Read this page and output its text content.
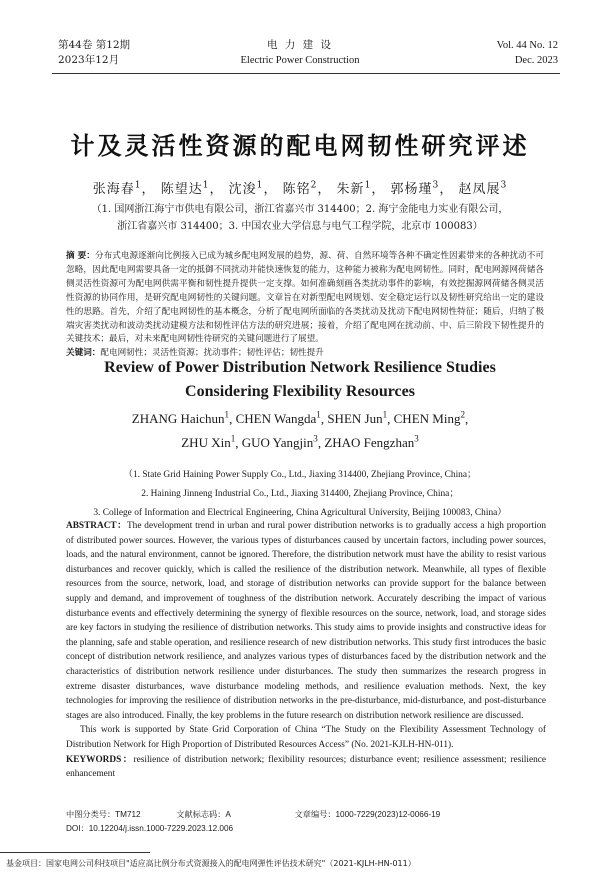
第44卷 第12期
2023年12月
电 力 建 设
Electric Power Construction
Vol. 44 No. 12
Dec. 2023
计及灵活性资源的配电网韧性研究评述
张海春$^1$， 陈望达$^1$， 沈浚$^1$， 陈铭$^2$， 朱新$^1$， 郭杨瑾$^3$， 赵凤展$^3$
（1. 国网浙江海宁市供电有限公司，浙江省嘉兴市 314400；2. 海宁金能电力实业有限公司，
浙江省嘉兴市 314400；3. 中国农业大学信息与电气工程学院，北京市 100083）

摘 要：分布式电源逐渐向比例接入已成为城乡配电网发展的趋势，源、荷、自然环境等各种不确定性因素带来的各种扰动不可忽略，因此配电网需要具备一定的抵御不同扰动并能快速恢复的能力，这种能力被称为配电网韧性。同时，配电网源网荷储各侧灵活性资源可为配电网供需平衡和韧性提升提供一定支撑。如何准确刻画各类扰动事件的影响，有效挖掘源网荷储各侧灵活性资源的协同作用，是研究配电网韧性的关键问题。文章旨在对新型配电网规划、安全稳定运行以及韧性研究给出一定的建设性的思路。首先，介绍了配电网韧性的基本概念，分析了配电网所面临的各类扰动及扰动下配电网韧性特征；随后，归纳了极端灾害类扰动和波动类扰动建模方法和韧性评估方法的研究进展；接着，介绍了配电网在扰动前、中、后三阶段下韧性提升的关键技术；最后，对未来配电网韧性待研究的关键问题进行了展望。

关键词：配电网韧性；灵活性资源；扰动事件；韧性评估；韧性提升

Review of Power Distribution Network Resilience Studies
Considering Flexibility Resources
ZHANG Haichun$^1$, CHEN Wangda$^1$, SHEN Jun$^1$, CHEN Ming$^2$,
ZHU Xin$^1$, GUO Yangjin$^3$, ZHAO Fengzhan$^3$
（1. State Grid Haining Power Supply Co., Ltd., Jiaxing 314400, Zhejiang Province, China；
2. Haining Jinneng Industrial Co., Ltd., Jiaxing 314400, Zhejiang Province, China；
3. College of Information and Electrical Engineering, China Agricultural University, Beijing 100083, China）

ABSTRACT：The development trend in urban and rural power distribution networks is to gradually access a high proportion of distributed power sources. However, the various types of disturbances caused by uncertain factors, including power sources, loads, and the natural environment, cannot be ignored. Therefore, the distribution network must have the ability to resist various disturbances and recover quickly, which is called the resilience of the distribution network. Meanwhile, all types of flexible resources from the source, network, load, and storage of distribution networks can provide support for the balance between supply and demand, and improvement of toughness of the distribution network. Accurately describing the impact of various disturbance events and effectively determining the synergy of flexible resources on the source, network, load, and storage sides are key factors in studying the resilience of distribution networks. This study aims to provide insights and constructive ideas for the planning, safe and stable operation, and resilience research of new distribution networks. This study first introduces the basic concept of distribution network resilience, and analyzes various types of disturbances faced by the distribution network and the characteristics of distribution network resilience under disturbances. The study then summarizes the research progress in extreme disaster disturbances, wave disturbance modeling methods, and resilience evaluation methods. Next, the key technologies for improving the resilience of distribution networks in the pre-disturbance, mid-disturbance, and post-disturbance stages are also introduced. Finally, the key problems in the future research on distribution network resilience are discussed.

This work is supported by State Grid Corporation of China “The Study on the Flexibility Assessment Technology of Distribution Network for High Proportion of Distributed Resources Access” (No. 2021-KJLH-HN-011).

KEYWORDS：resilience of distribution network; flexibility resources; disturbance event; resilience assessment; resilience enhancement

中图分类号：TM712	文献标志码：A	文章编号：1000-7229(2023)12-0066-19
DOI：10.12204/j.issn.1000-7229.2023.12.006
基金项目：国家电网公司科技项目"适应高比例分布式资源接入的配电网弹性评估技术研究"（2021-KJLH-HN-011）
